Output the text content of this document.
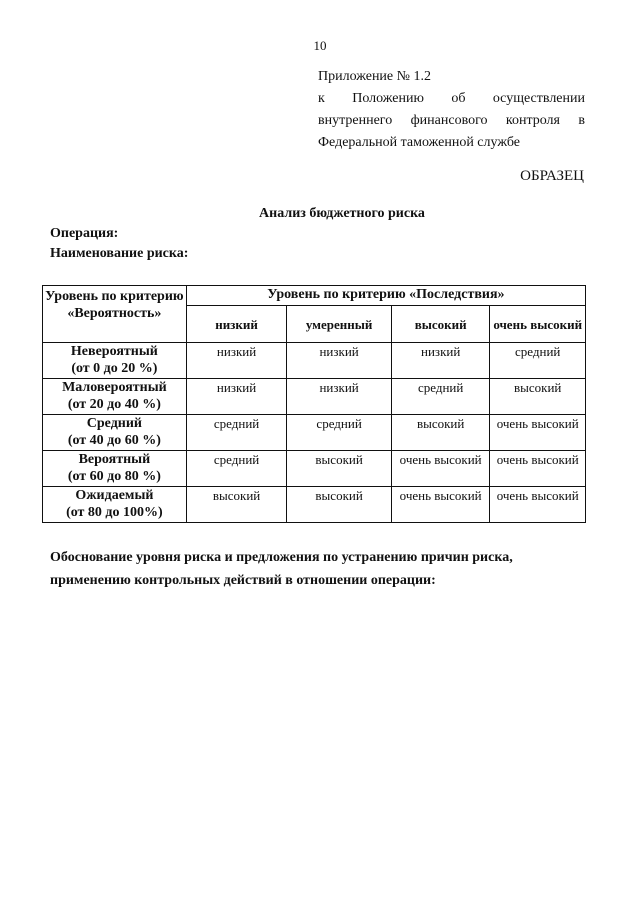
10
Приложение № 1.2
к Положению об осуществлении внутреннего финансового контроля в Федеральной таможенной службе
ОБРАЗЕЦ
Анализ бюджетного риска
Операция:
Наименование риска:
Уровень по критерию «Вероятность»	Уровень по критерию «Последствия»			
	низкий	умеренный	высокий	очень высокий

Невероятный
(от 0 до 20 %)	низкий	низкий	низкий	средний

Маловероятный
(от 20 до 40 %)	низкий	низкий	средний	высокий

Средний
(от 40 до 60 %)	средний	средний	высокий	очень высокий

Вероятный
(от 60 до 80 %)	средний	высокий	очень высокий	очень высокий

Ожидаемый
(от 80 до 100%)	высокий	высокий	очень высокий	очень высокий
Обоснование уровня риска и предложения по устранению причин риска, применению контрольных действий в отношении операции:
